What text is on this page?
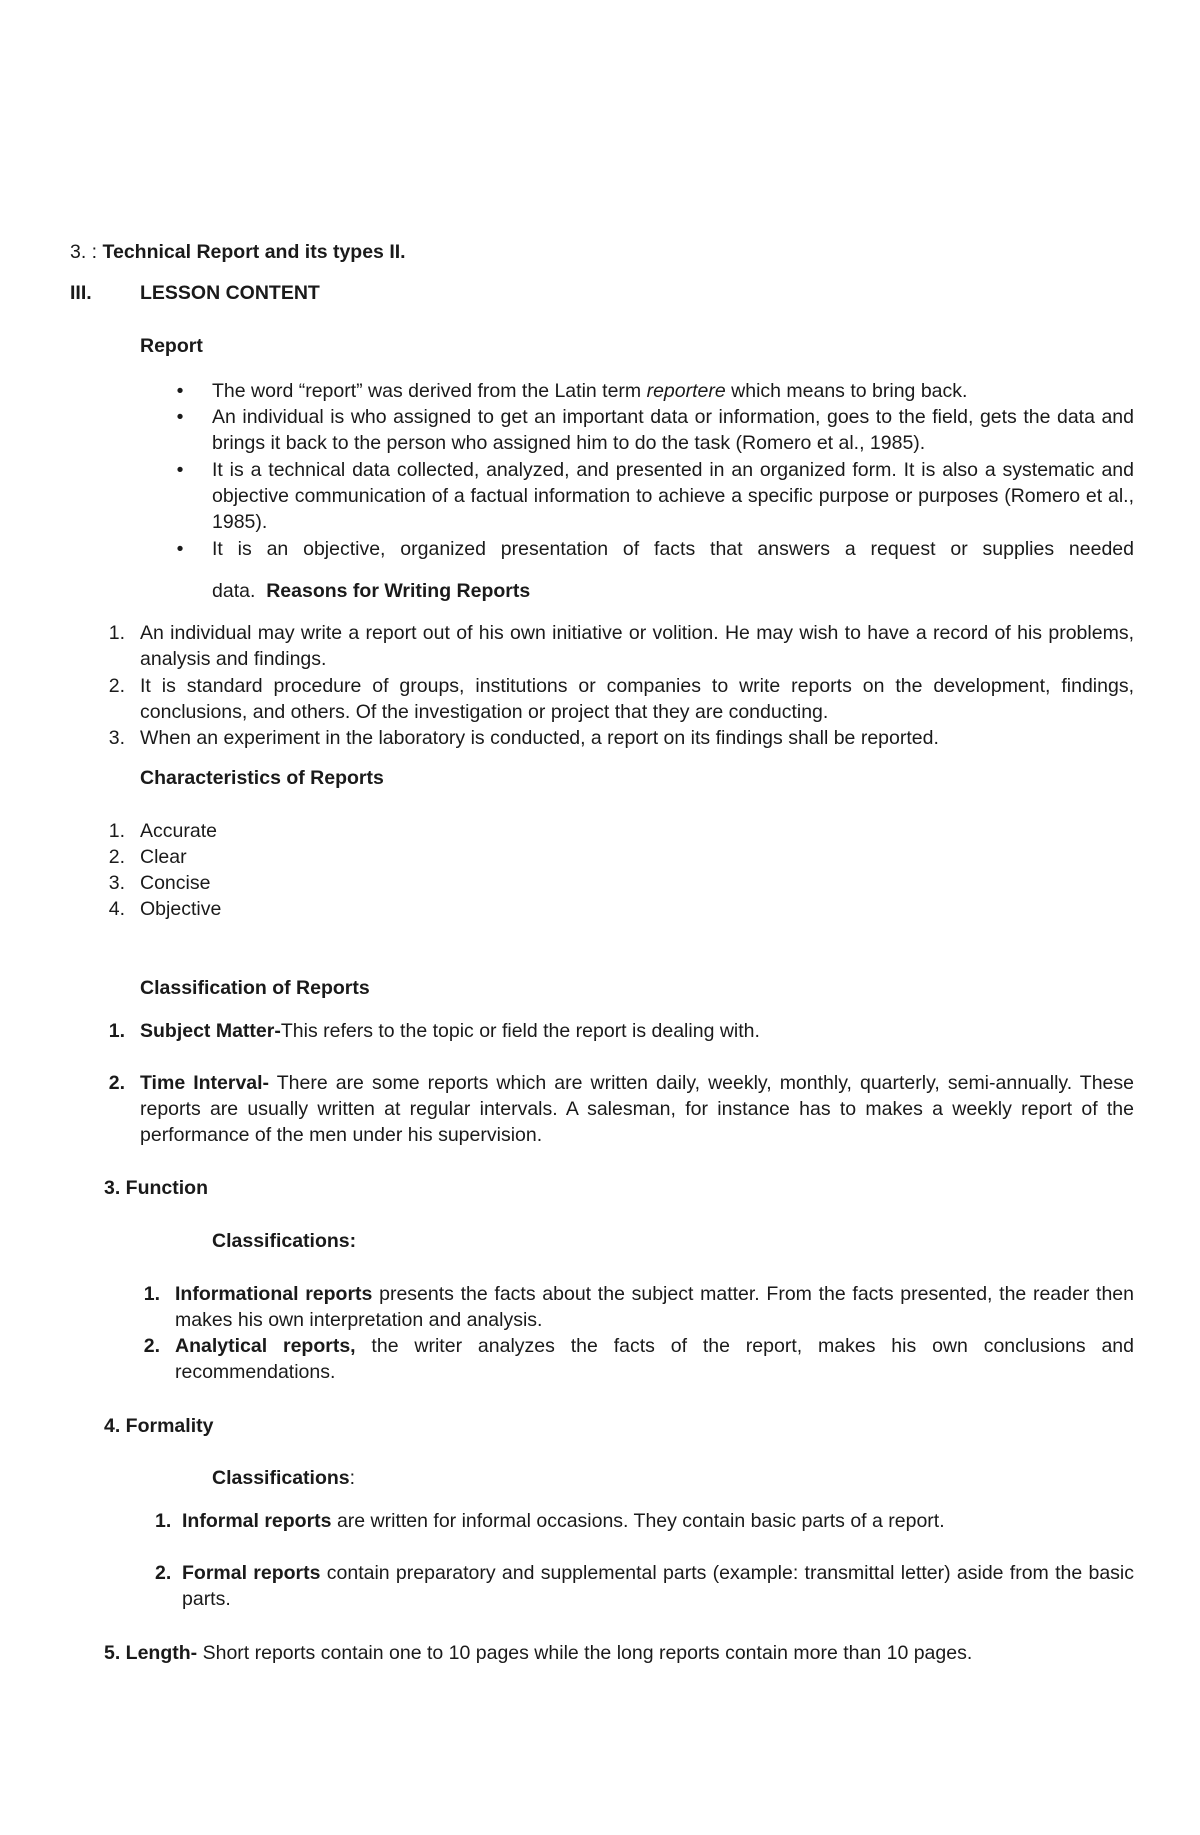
3. : Technical Report and its types II.
III. LESSON CONTENT
Report
•	The word “report” was derived from the Latin term reportere which means to bring back.
•	An individual is who assigned to get an important data or information, goes to the field, gets the data and brings it back to the person who assigned him to do the task (Romero et al., 1985).
•	It is a technical data collected, analyzed, and presented in an organized form. It is also a systematic and objective communication of a factual information to achieve a specific purpose or purposes (Romero et al., 1985).
•	It is an objective, organized presentation of facts that answers a request or supplies needed
data. Reasons for Writing Reports
1. An individual may write a report out of his own initiative or volition. He may wish to have a record of his problems, analysis and findings.
2. It is standard procedure of groups, institutions or companies to write reports on the development, findings, conclusions, and others. Of the investigation or project that they are conducting.
3. When an experiment in the laboratory is conducted, a report on its findings shall be reported.
Characteristics of Reports
1. Accurate
2. Clear
3. Concise
4. Objective
Classification of Reports
1. Subject Matter-This refers to the topic or field the report is dealing with.
2. Time Interval- There are some reports which are written daily, weekly, monthly, quarterly, semi-annually. These reports are usually written at regular intervals. A salesman, for instance has to makes a weekly report of the performance of the men under his supervision.
3. Function
Classifications:
1. Informational reports presents the facts about the subject matter. From the facts presented, the reader then makes his own interpretation and analysis.
2. Analytical reports, the writer analyzes the facts of the report, makes his own conclusions and recommendations.
4. Formality
Classifications:
1. Informal reports are written for informal occasions. They contain basic parts of a report.
2. Formal reports contain preparatory and supplemental parts (example: transmittal letter) aside from the basic parts.
5. Length- Short reports contain one to 10 pages while the long reports contain more than 10 pages.
